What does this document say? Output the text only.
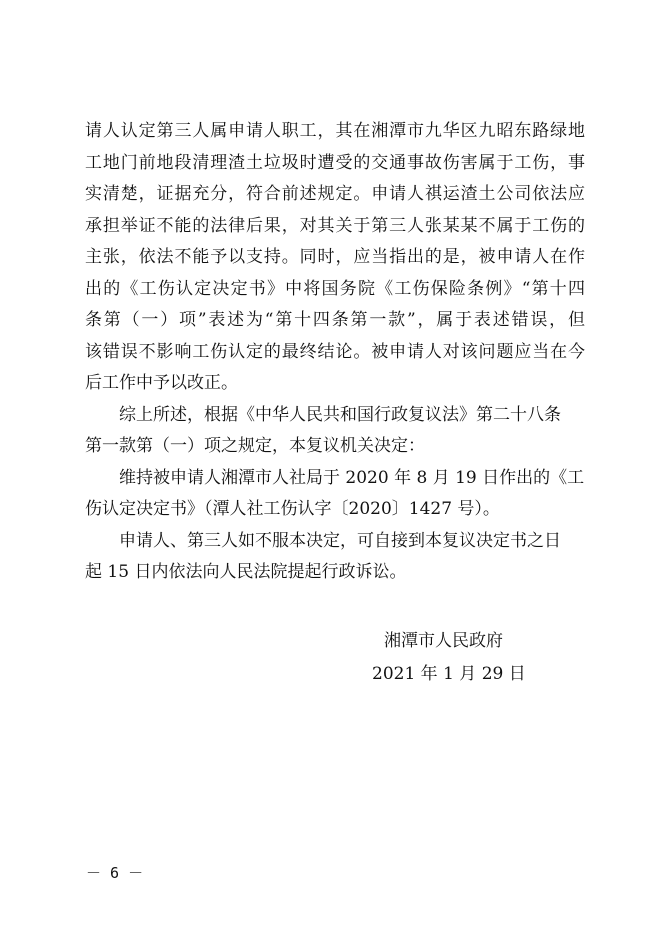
请人认定第三人属申请人职工，其在湘潭市九华区九昭东路绿地
工地门前地段清理渣土垃圾时遭受的交通事故伤害属于工伤，事
实清楚，证据充分，符合前述规定。申请人祺运渣土公司依法应
承担举证不能的法律后果，对其关于第三人张某某不属于工伤的
主张，依法不能予以支持。同时，应当指出的是，被申请人在作
出的《工伤认定决定书》中将国务院《工伤保险条例》“第十四
条第（一）项”表述为“第十四条第一款”，属于表述错误，但
该错误不影响工伤认定的最终结论。被申请人对该问题应当在今
后工作中予以改正。
综上所述，根据《中华人民共和国行政复议法》第二十八条
第一款第（一）项之规定，本复议机关决定：
维持被申请人湘潭市人社局于 2020 年 8 月 19 日作出的《工
伤认定决定书》（潭人社工伤认字〔2020〕1427 号）。
申请人、第三人如不服本决定，可自接到本复议决定书之日
起 15 日内依法向人民法院提起行政诉讼。
湘潭市人民政府
2021 年 1 月 29 日
－ 6 －
